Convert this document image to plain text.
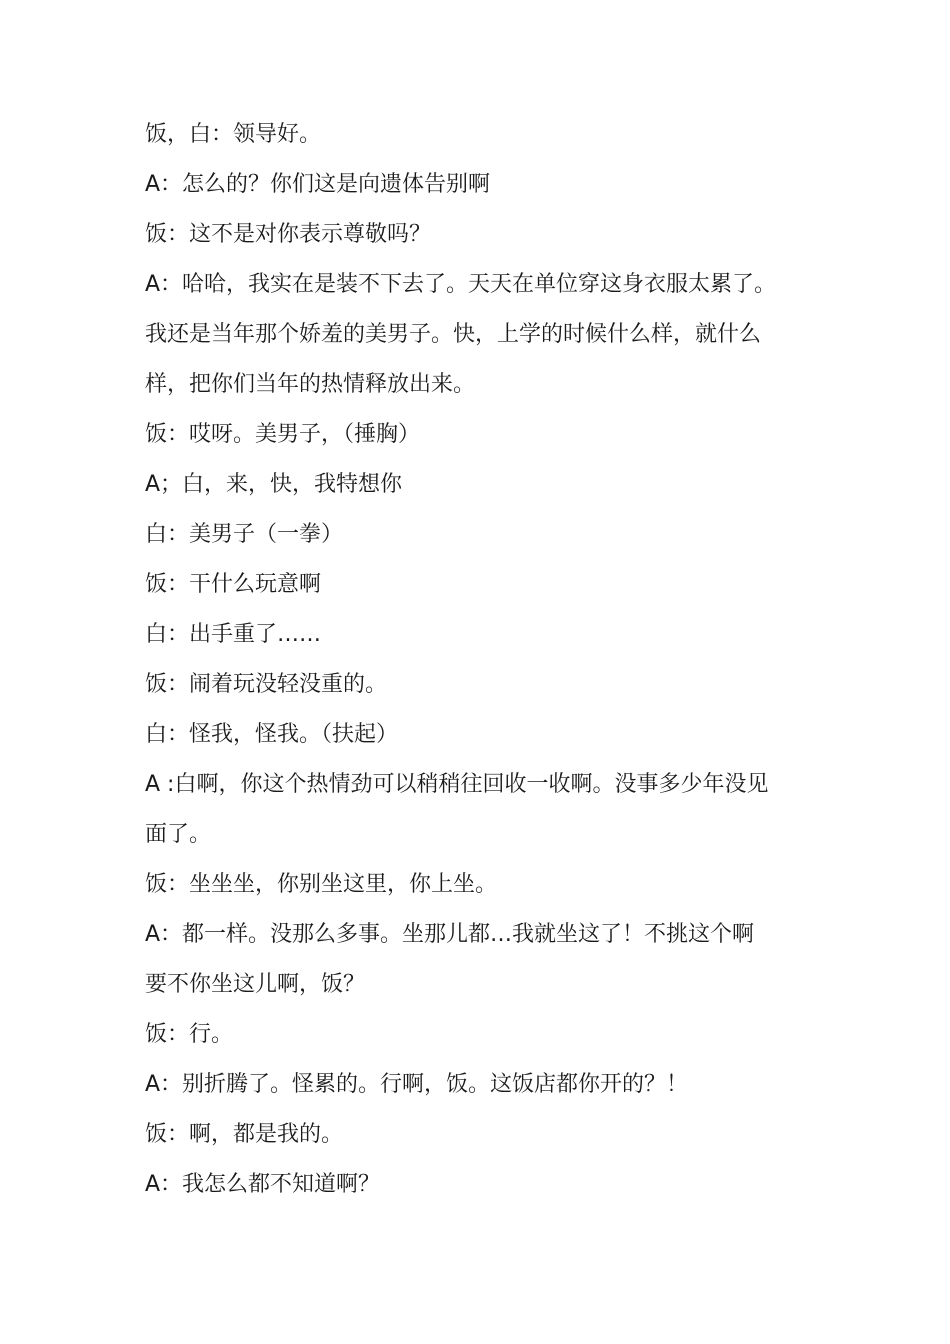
饭，白：领导好。
A：怎么的？你们这是向遗体告别啊
饭：这不是对你表示尊敬吗？
A：哈哈，我实在是装不下去了。天天在单位穿这身衣服太累了。
我还是当年那个娇羞的美男子。快，上学的时候什么样，就什么
样，把你们当年的热情释放出来。
饭：哎呀。美男子，（捶胸）
A；白，来，快，我特想你
白：美男子（一拳）
饭：干什么玩意啊
白：出手重了……
饭：闹着玩没轻没重的。
白：怪我，怪我。（扶起）
A :白啊，你这个热情劲可以稍稍往回收一收啊。没事多少年没见
面了。
饭：坐坐坐，你别坐这里，你上坐。
A：都一样。没那么多事。坐那儿都…我就坐这了！不挑这个啊
要不你坐这儿啊，饭？
饭：行。
A：别折腾了。怪累的。行啊，饭。这饭店都你开的？！
饭：啊，都是我的。
A：我怎么都不知道啊？
